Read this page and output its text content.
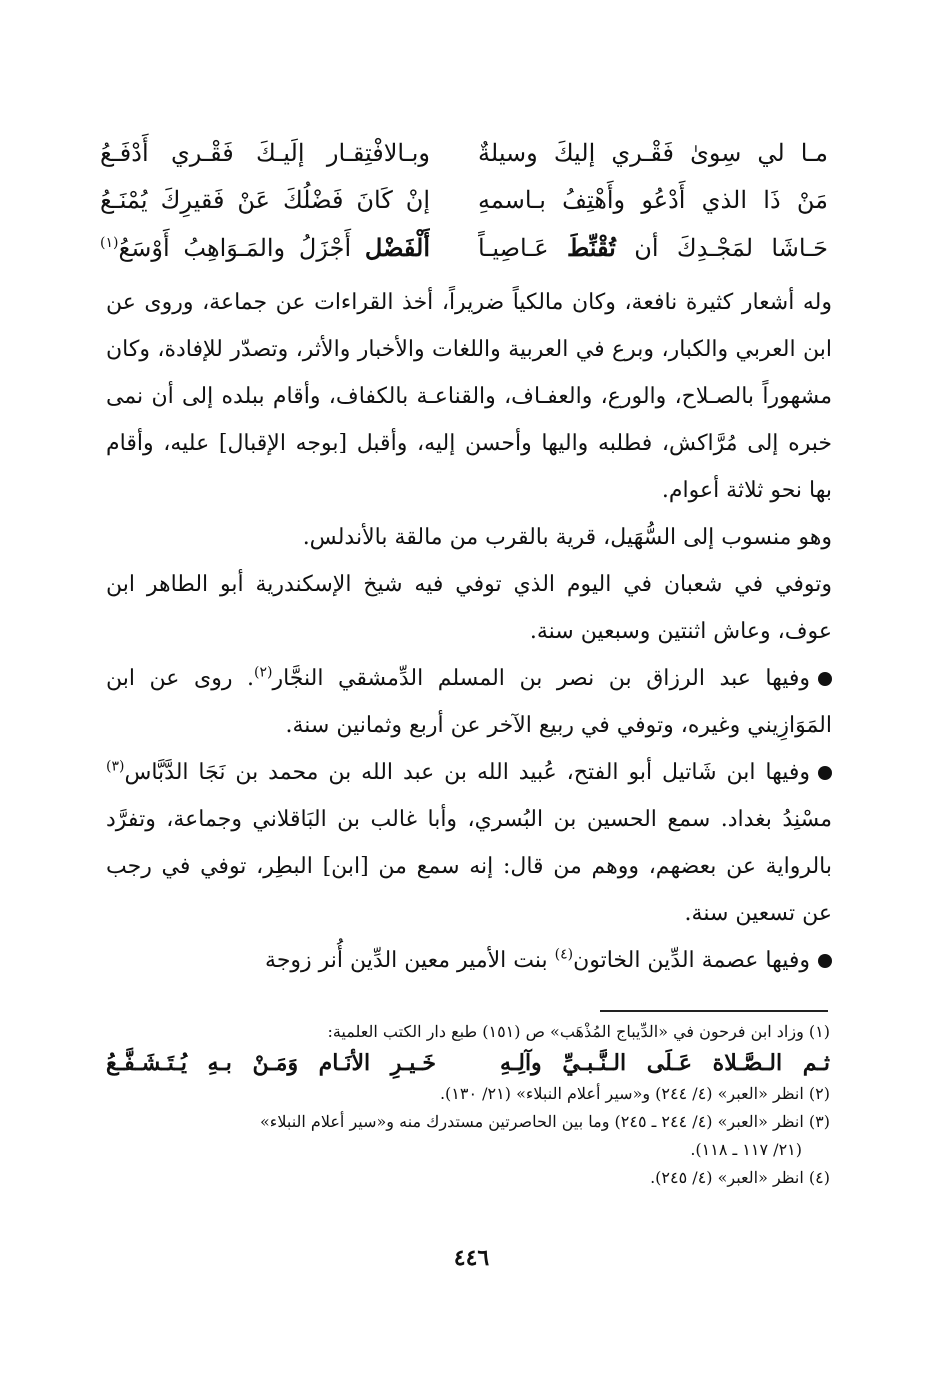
مـا لي سِوىٰ فَقْـري إليكَ وسيلةٌ
وبـالافْتِقـار إلَيـكَ فَقْـري أَدْفَـعُ
مَنْ ذَا الذي أَدْعُو وأَهْتِفُ بـاسمهِ
إنْ كَانَ فَضْلُكَ عَنْ فَقيرِكَ يُمْنَـعُ
حَـاشَا لمَجْـدِكَ أن تُقْنِّطَ عَـاصِيـاً
أَلْفَضْل أَجْزَلُ والمَـوَاهِبُ أَوْسَعُ$^{(١)}$

وله أشعار كثيرة نافعة، وكان مالكياً ضريراً، أخذ القراءات عن جماعة، وروى عن ابن العربي والكبار، وبرع في العربية واللغات والأخبار والأثر، وتصدّر للإفادة، وكان مشهوراً بالصـلاح، والورع، والعفـاف، والقناعـة بالكفاف، وأقام ببلده إلى أن نمى خبره إلى مُرَّاكش، فطلبه واليها وأحسن إليه، وأقبل [بوجه الإقبال] عليه، وأقام بها نحو ثلاثة أعوام.

وهو منسوب إلى السُّهَيل، قرية بالقرب من مالقة بالأندلس.

وتوفي في شعبان في اليوم الذي توفي فيه شيخ الإسكندرية أبو الطاهر ابن عوف، وعاش اثنتين وسبعين سنة.

وفيها عبد الرزاق بن نصر بن المسلم الدِّمشقي النجَّار$^{(٢)}$. روى عن ابن المَوَازِيني وغيره، وتوفي في ربيع الآخر عن أربع وثمانين سنة.

وفيها ابن شَاتيل أبو الفتح، عُبيد الله بن عبد الله بن محمد بن نَجَا الدَّبَّاس$^{(٣)}$ مسْنِدُ بغداد. سمع الحسين بن البُسري، وأبا غالب بن البَاقلاني وجماعة، وتفرَّد بالرواية عن بعضهم، ووهم من قال: إنه سمع من [ابن] البطِر، توفي في رجب عن تسعين سنة.

وفيها عصمة الدِّين الخاتون$^{(٤)}$ بنت الأمير معين الدِّين أُنر زوجة

(١) وزاد ابن فرحون في «الدِّيباج المُذْهَب» ص (١٥١) طبع دار الكتب العلمية:

ثـم الـصَّـلاة عَـلَى الـنَّـبـيِّ وآلِـهِ
خَـيـرِ الأنَـام وَمَـنْ بـهِ يُـتَـشَـفَّـعُ

(٢) انظر «العبر» (٤/ ٢٤٤) و«سير أعلام النبلاء» (٢١/ ١٣٠).

(٣) انظر «العبر» (٤/ ٢٤٤ ـ ٢٤٥) وما بين الحاصرتين مستدرك منه و«سير أعلام النبلاء»

(٢١/ ١١٧ ـ ١١٨).

(٤) انظر «العبر» (٤/ ٢٤٥).

٤٤٦
